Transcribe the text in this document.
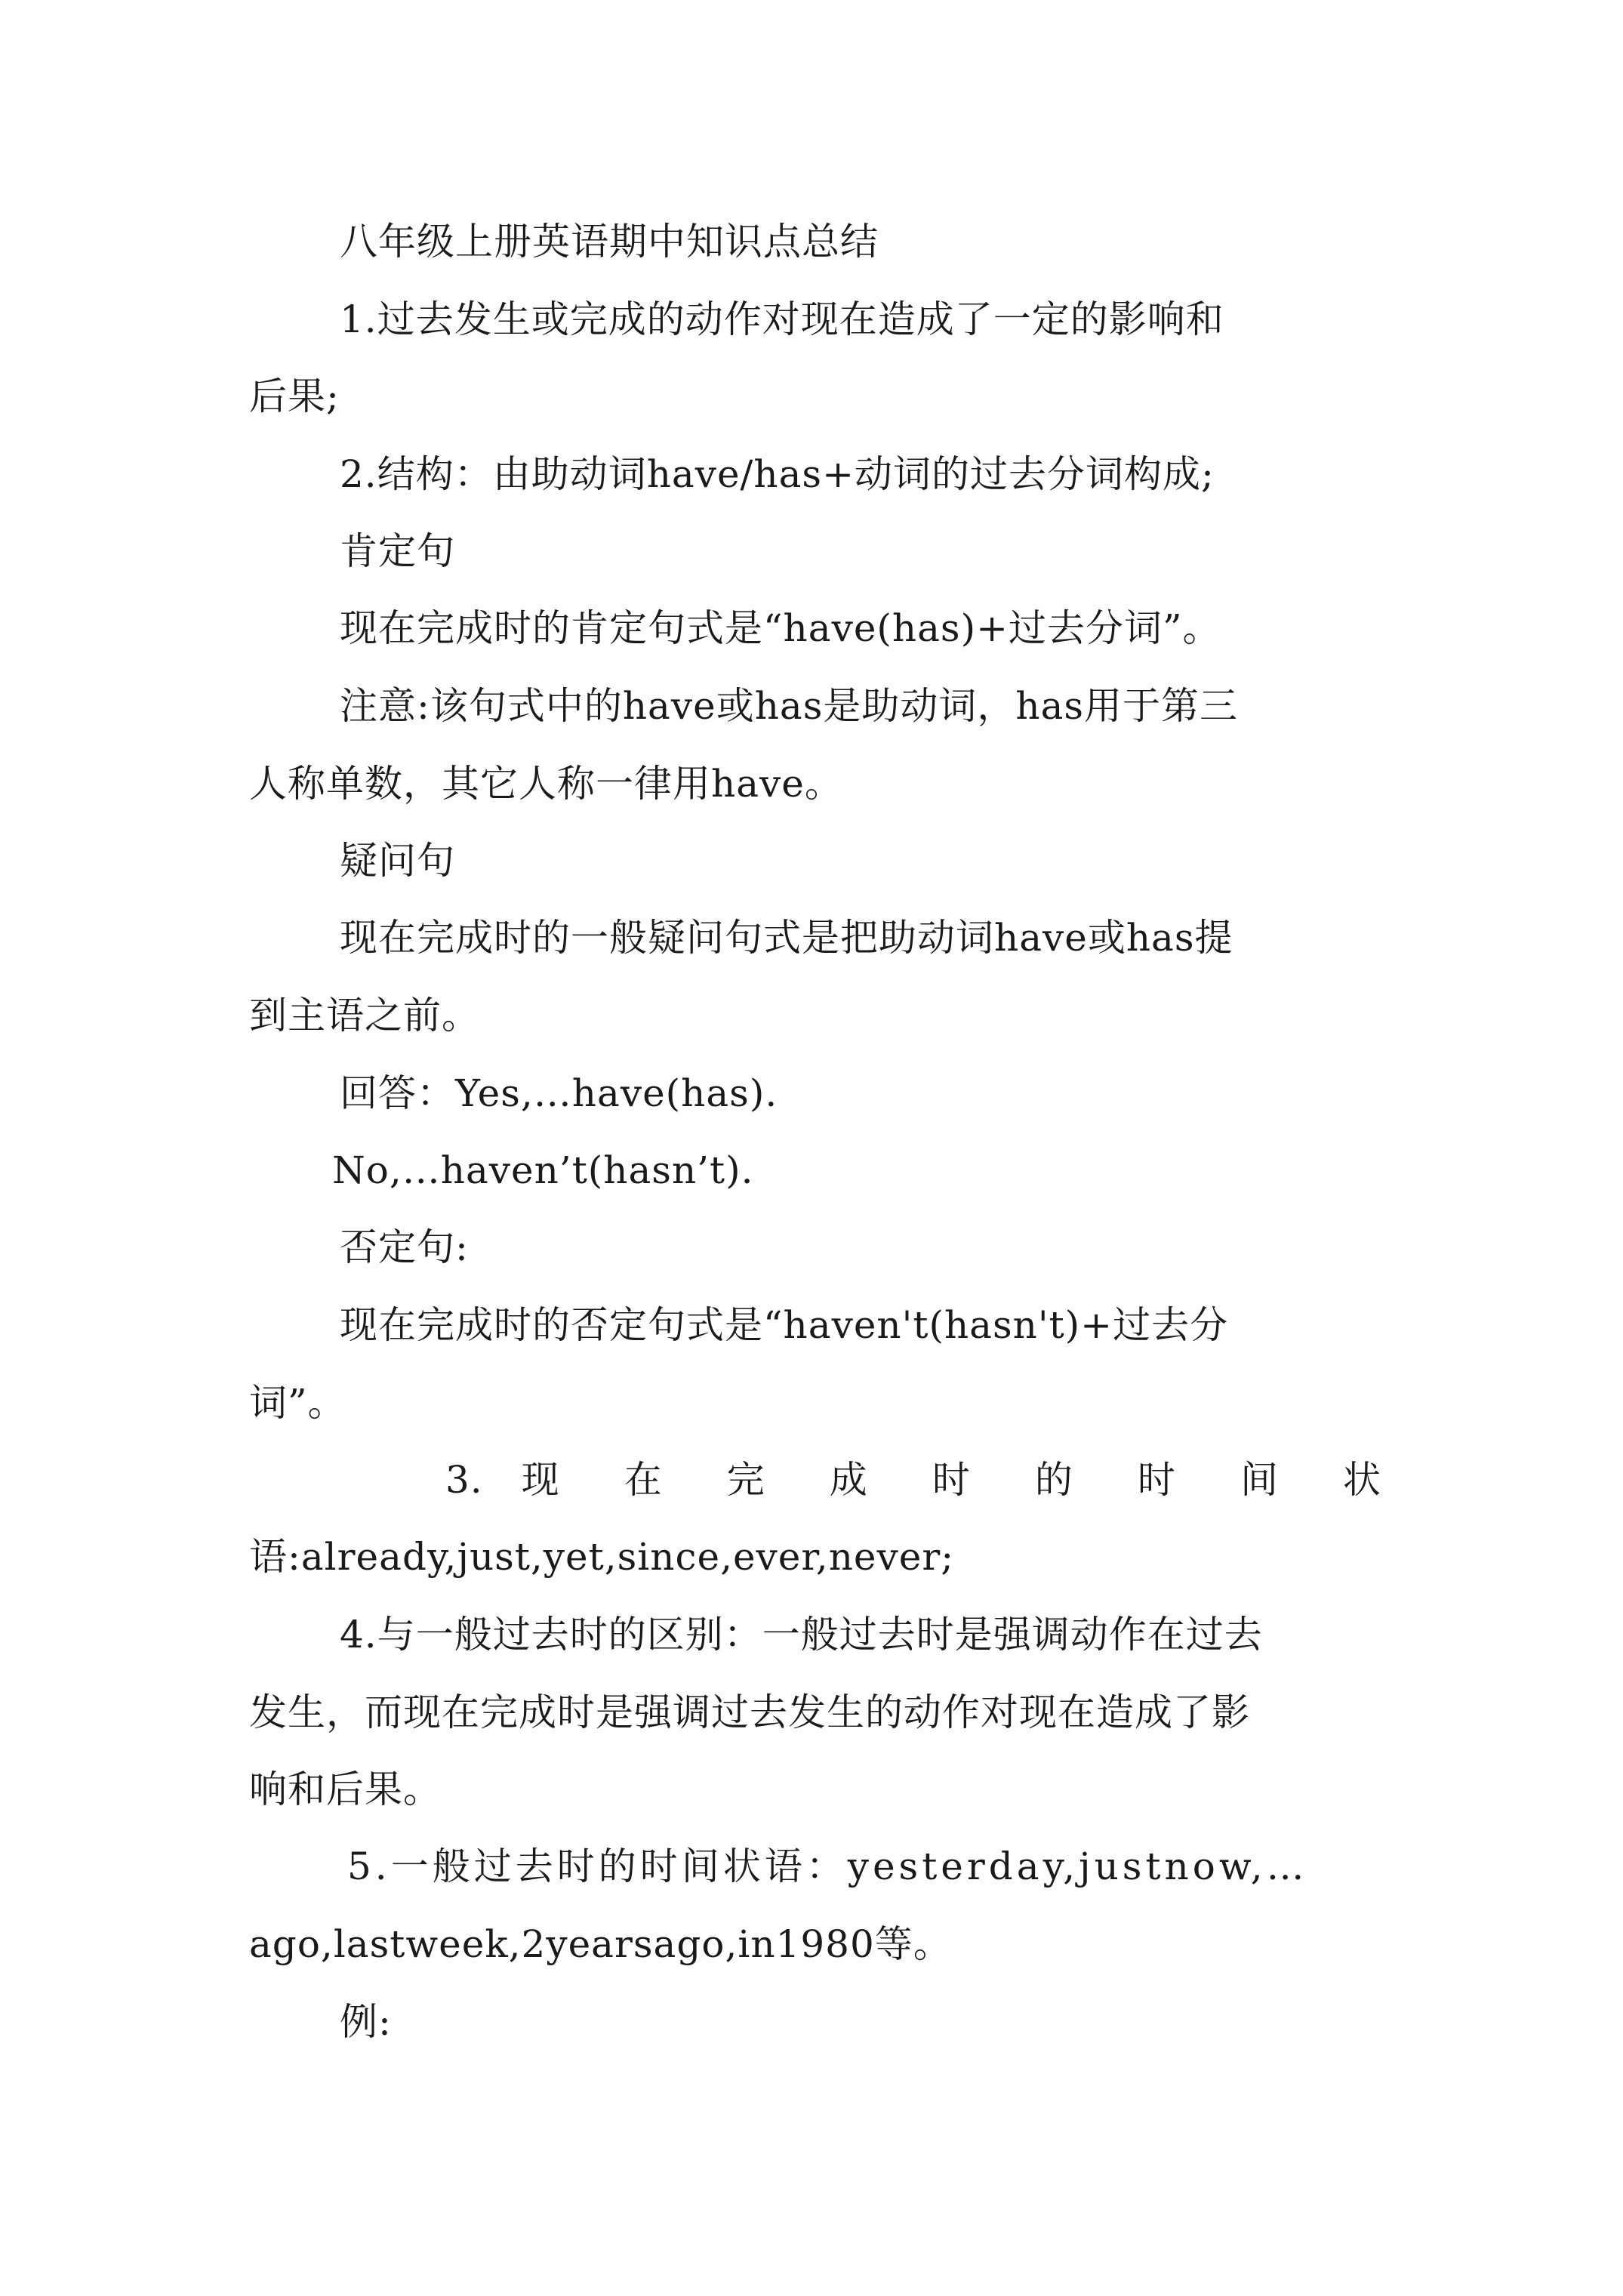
八年级上册英语期中知识点总结
1.过去发生或完成的动作对现在造成了一定的影响和
后果;
2.结构：由助动词have/has+动词的过去分词构成;
肯定句
现在完成时的肯定句式是“have(has)+过去分词”。
注意:该句式中的have或has是助动词，has用于第三
人称单数，其它人称一律用have。
疑问句
现在完成时的一般疑问句式是把助动词have或has提
到主语之前。
回答：Yes,…have(has).
No,…haven’t(hasn’t).
否定句:
现在完成时的否定句式是“haven't(hasn't)+过去分
词”。
3. 现 在 完 成 时 的 时 间 状
语:already,just,yet,since,ever,never;
4.与一般过去时的区别：一般过去时是强调动作在过去
发生，而现在完成时是强调过去发生的动作对现在造成了影
响和后果。
5.一般过去时的时间状语：yesterday,justnow,…
ago,lastweek,2yearsago,in1980等。
例:
